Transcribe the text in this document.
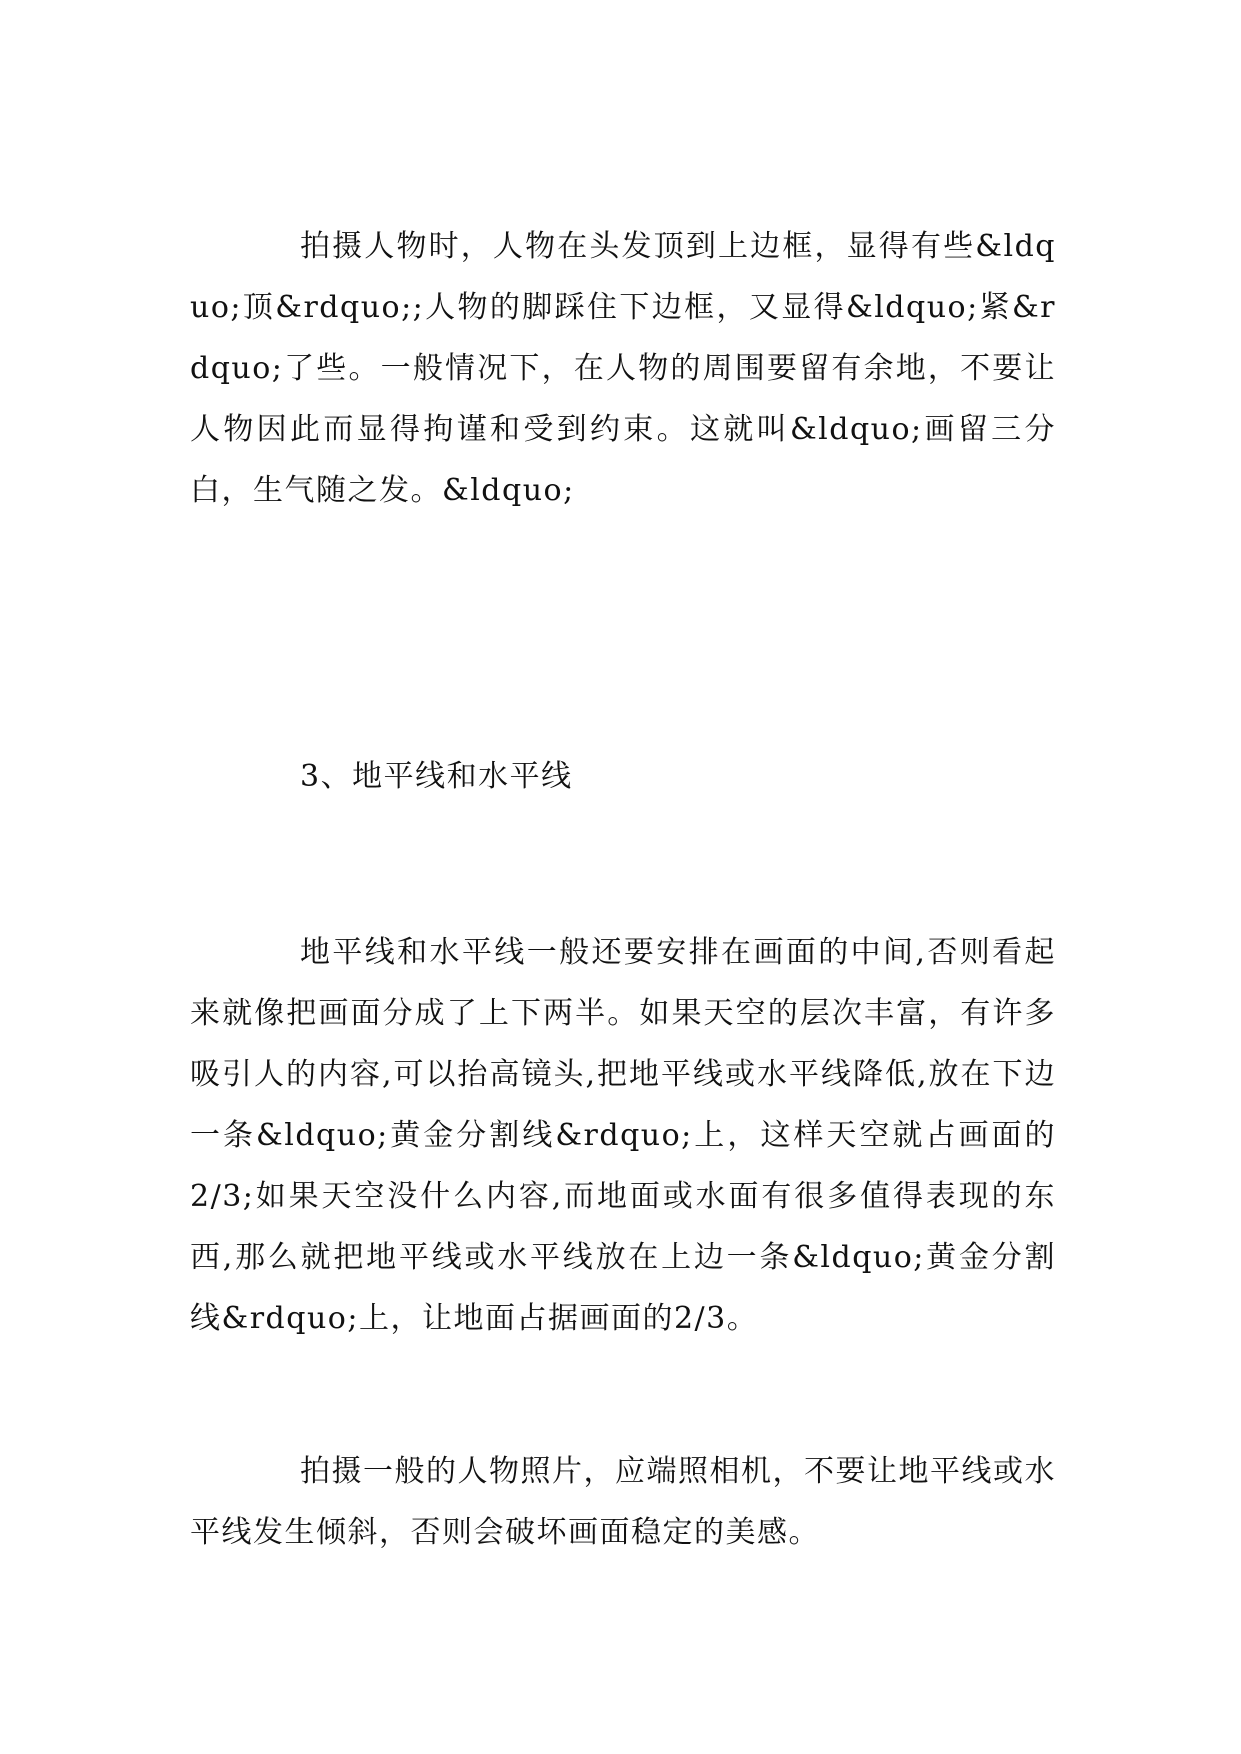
拍摄人物时，人物在头发顶到上边框，显得有些&ldquo;顶&rdquo;;人物的脚踩住下边框，又显得&ldquo;紧&rdquo;了些。一般情况下，在人物的周围要留有余地，不要让人物因此而显得拘谨和受到约束。这就叫&ldquo;画留三分白，生气随之发。&ldquo;

3、地平线和水平线

地平线和水平线一般还要安排在画面的中间,否则看起来就像把画面分成了上下两半。如果天空的层次丰富，有许多吸引人的内容,可以抬高镜头,把地平线或水平线降低,放在下边一条&ldquo;黄金分割线&rdquo;上，这样天空就占画面的2/3;如果天空没什么内容,而地面或水面有很多值得表现的东西,那么就把地平线或水平线放在上边一条&ldquo;黄金分割线&rdquo;上，让地面占据画面的2/3。

拍摄一般的人物照片，应端照相机，不要让地平线或水平线发生倾斜，否则会破坏画面稳定的美感。
